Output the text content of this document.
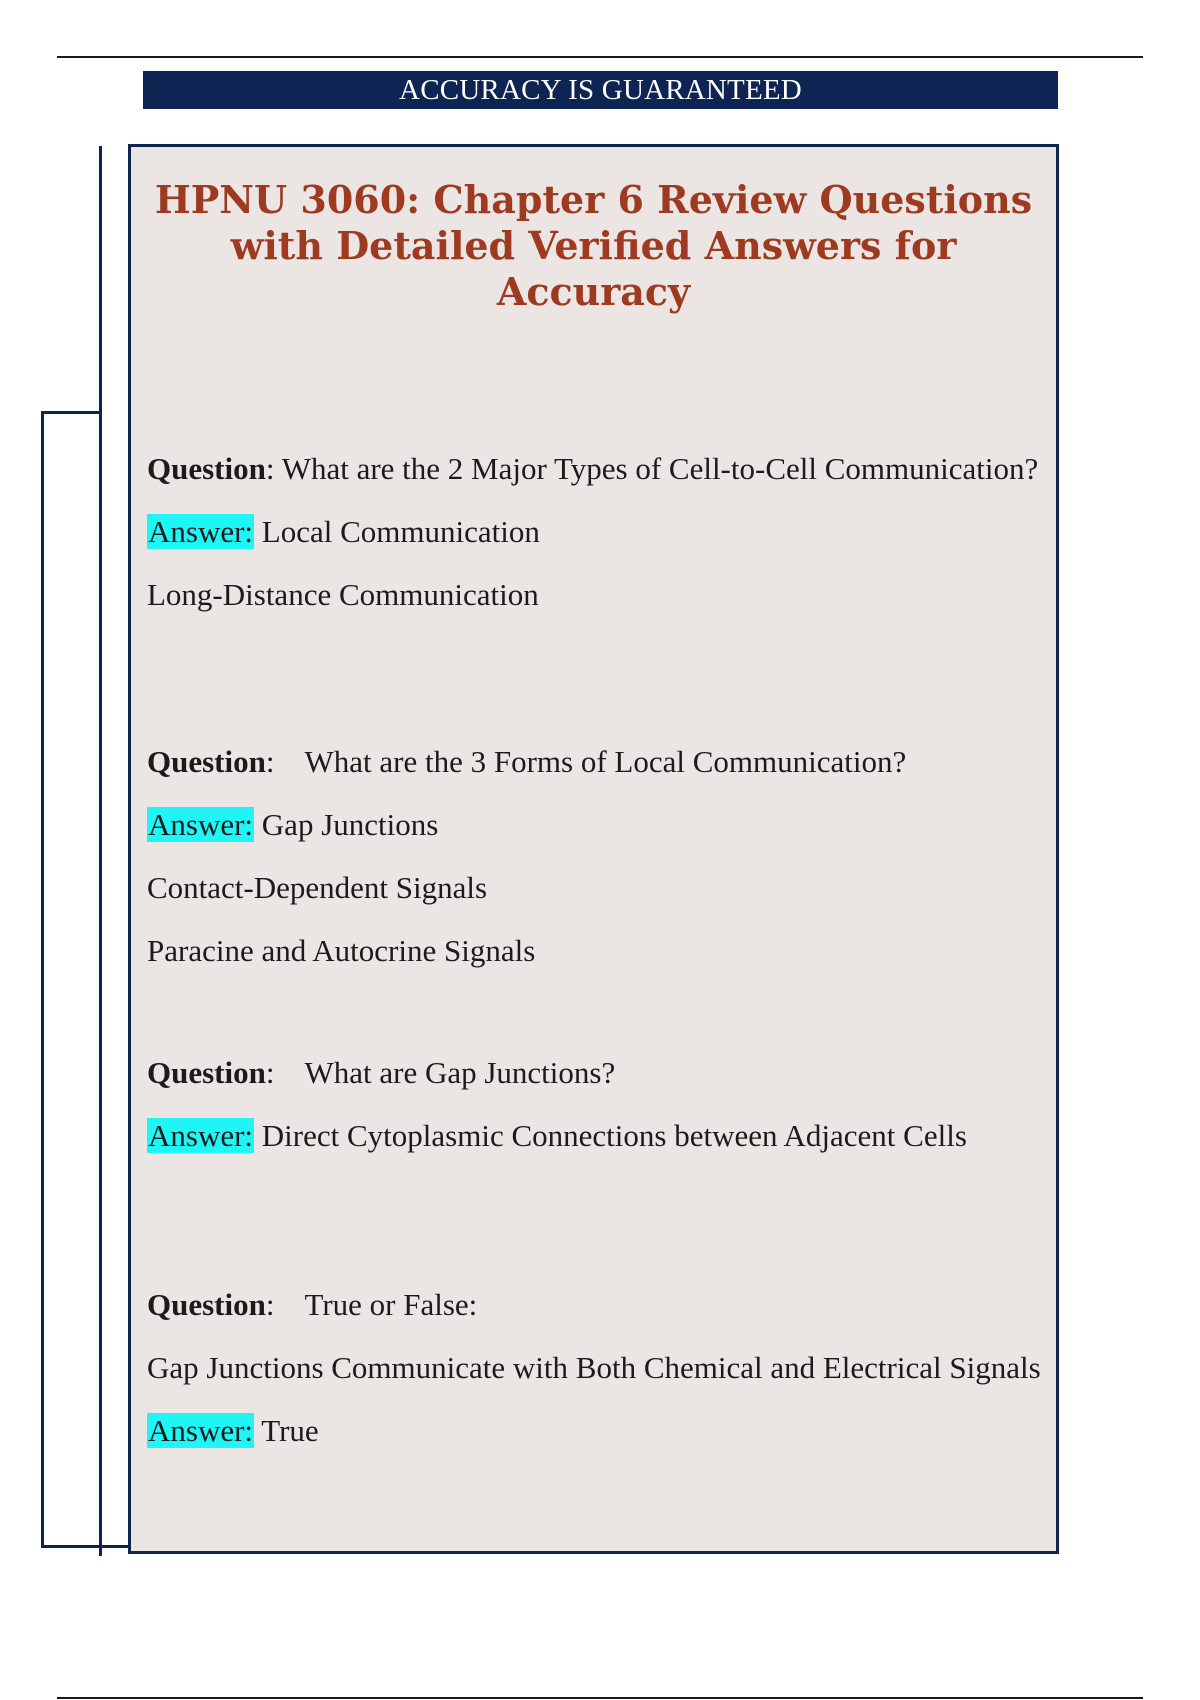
ACCURACY IS GUARANTEED
HPNU 3060: Chapter 6 Review Questions with Detailed Verified Answers for Accuracy

Question: What are the 2 Major Types of Cell-to-Cell Communication?

Answer: Local Communication

Long-Distance Communication

Question: What are the 3 Forms of Local Communication?

Answer: Gap Junctions

Contact-Dependent Signals

Paracine and Autocrine Signals

Question: What are Gap Junctions?

Answer: Direct Cytoplasmic Connections between Adjacent Cells

Question: True or False:

Gap Junctions Communicate with Both Chemical and Electrical Signals

Answer: True
